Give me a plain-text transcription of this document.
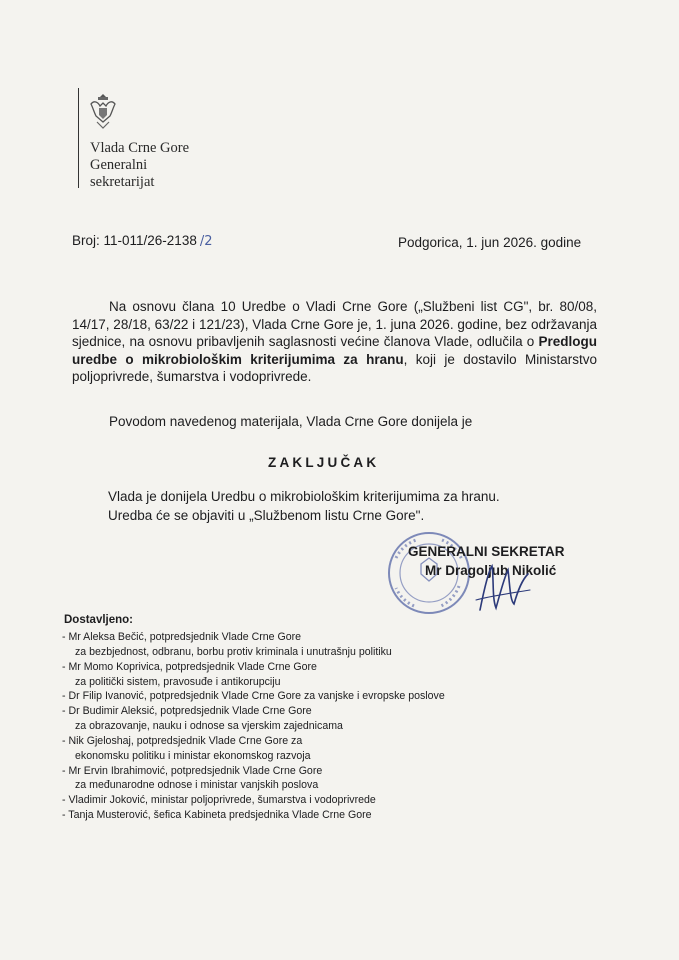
Vlada Crne Gore
Generalni
sekretarijat
Broj: 11-011/26-2138 /2	Podgorica, 1. jun 2026. godine

Na osnovu člana 10 Uredbe o Vladi Crne Gore („Službeni list CG", br. 80/08, 14/17, 28/18, 63/22 i 121/23), Vlada Crne Gore je, 1. juna 2026. godine, bez održavanja sjednice, na osnovu pribavljenih saglasnosti većine članova Vlade, odlučila o Predlogu uredbe o mikrobiološkim kriterijumima za hranu, koji je dostavilo Ministarstvo poljoprivrede, šumarstva i vodoprivrede.

Povodom navedenog materijala, Vlada Crne Gore donijela je
ZAKLJUČAK
Vlada je donijela Uredbu o mikrobiološkim kriterijumima za hranu.
Uredba će se objaviti u „Službenom listu Crne Gore".
GENERALNI SEKRETAR
Mr Dragoljub Nikolić
Dostavljeno:
- Mr Aleksa Bečić, potpredsjednik Vlade Crne Gore
za bezbjednost, odbranu, borbu protiv kriminala i unutrašnju politiku
- Mr Momo Koprivica, potpredsjednik Vlade Crne Gore
za politički sistem, pravosuđe i antikorupciju
- Dr Filip Ivanović, potpredsjednik Vlade Crne Gore za vanjske i evropske poslove
- Dr Budimir Aleksić, potpredsjednik Vlade Crne Gore
za obrazovanje, nauku i odnose sa vjerskim zajednicama
- Nik Gjeloshaj, potpredsjednik Vlade Crne Gore za
ekonomsku politiku i ministar ekonomskog razvoja
- Mr Ervin Ibrahimović, potpredsjednik Vlade Crne Gore
za međunarodne odnose i ministar vanjskih poslova
- Vladimir Joković, ministar poljoprivrede, šumarstva i vodoprivrede
- Tanja Musterović, šefica Kabineta predsjednika Vlade Crne Gore
